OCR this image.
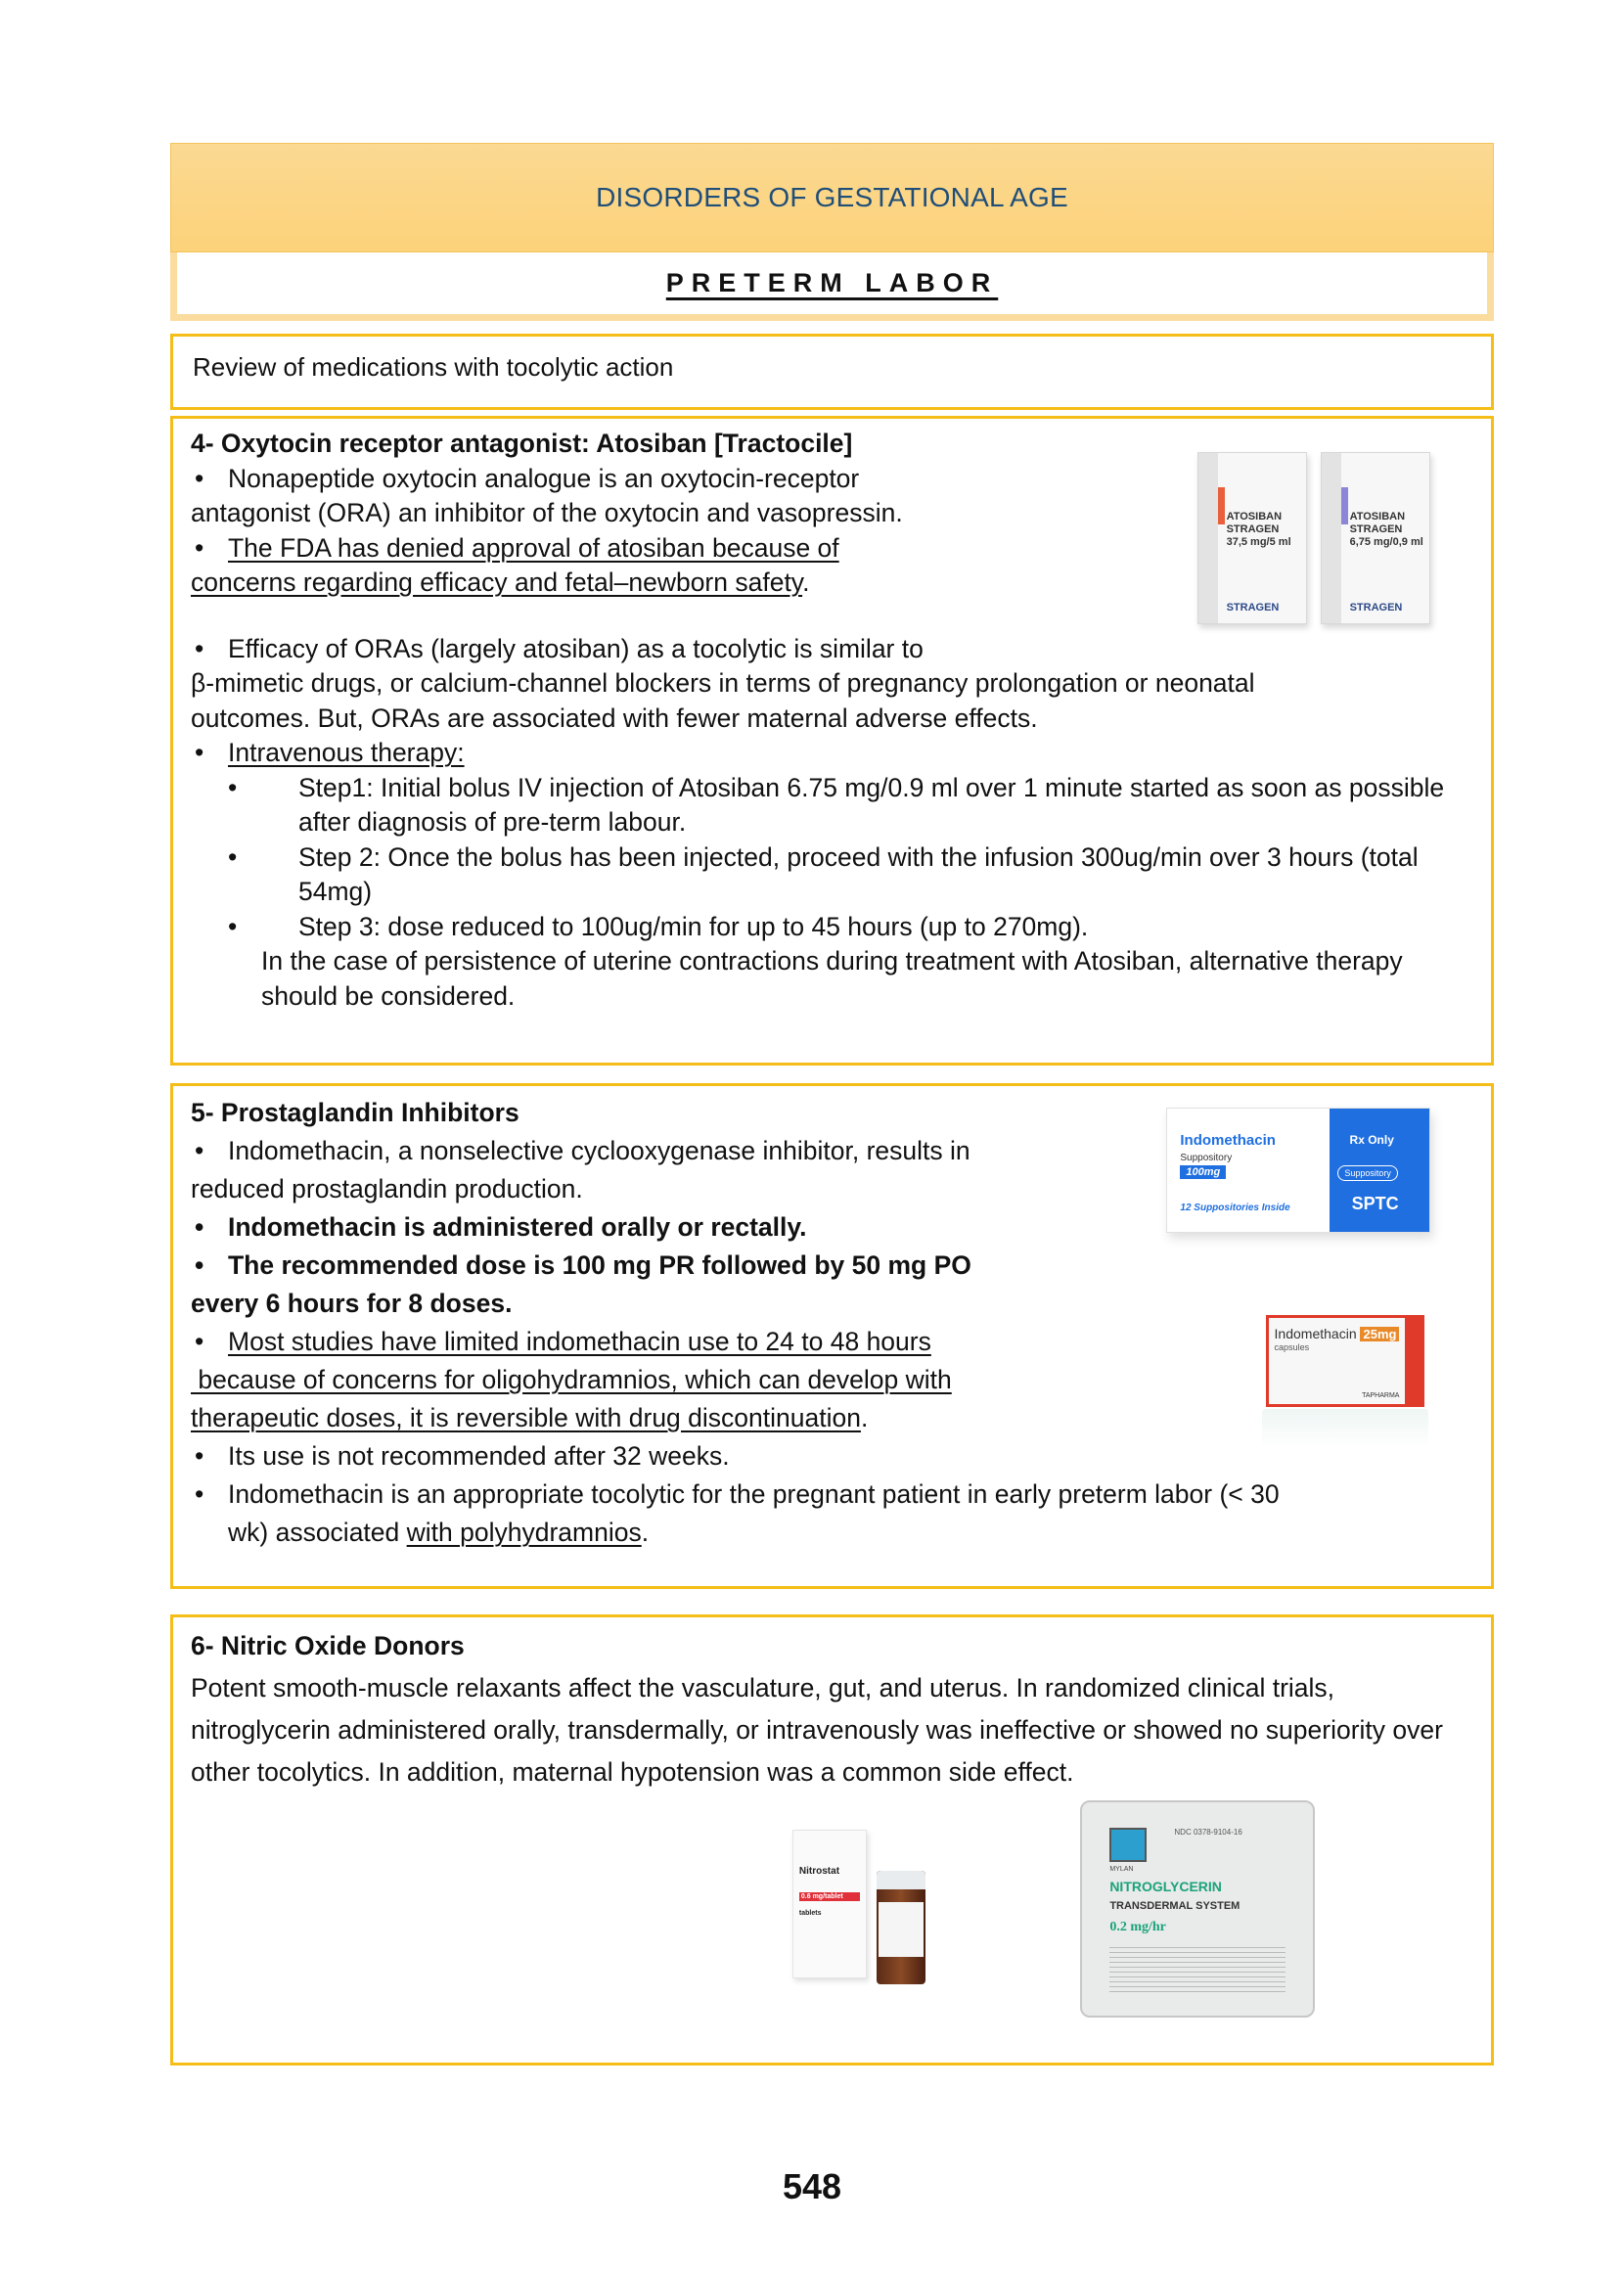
DISORDERS OF GESTATIONAL AGE
PRETERM LABOR
Review of medications with tocolytic action
4- Oxytocin receptor antagonist: Atosiban [Tractocile]
• Nonapeptide oxytocin analogue is an oxytocin-receptor
antagonist (ORA) an inhibitor of the oxytocin and vasopressin.
• The FDA has denied approval of atosiban because of
concerns regarding efficacy and fetal–newborn safety.
• Efficacy of ORAs (largely atosiban) as a tocolytic is similar to
β-mimetic drugs, or calcium-channel blockers in terms of pregnancy prolongation or neonatal
outcomes. But, ORAs are associated with fewer maternal adverse effects.
• Intravenous therapy:
• Step1: Initial bolus IV injection of Atosiban 6.75 mg/0.9 ml over 1 minute started as soon as possible after diagnosis of pre-term labour.
• Step 2: Once the bolus has been injected, proceed with the infusion 300ug/min over 3 hours (total 54mg)
• Step 3: dose reduced to 100ug/min for up to 45 hours (up to 270mg).
In the case of persistence of uterine contractions during treatment with Atosiban, alternative therapy should be considered.
ATOSIBAN STRAGEN
37,5 mg/5 ml
STRAGEN
ATOSIBAN STRAGEN
6,75 mg/0,9 ml
STRAGEN
5- Prostaglandin Inhibitors
• Indomethacin, a nonselective cyclooxygenase inhibitor, results in
reduced prostaglandin production.
• Indomethacin is administered orally or rectally.
• The recommended dose is 100 mg PR followed by 50 mg PO
every 6 hours for 8 doses.
• Most studies have limited indomethacin use to 24 to 48 hours
because of concerns for oligohydramnios, which can develop with
therapeutic doses, it is reversible with drug discontinuation.
• Its use is not recommended after 32 weeks.
• Indomethacin is an appropriate tocolytic for the pregnant patient in early preterm labor (< 30
wk) associated with polyhydramnios.
Indomethacin
Suppository
100mg
12 Suppositories Inside
Rx Only
Suppository
SPTC
Indomethacin
capsules
25mg
TAPHARMA
6- Nitric Oxide Donors
Potent smooth-muscle relaxants affect the vasculature, gut, and uterus. In randomized clinical trials, nitroglycerin administered orally, transdermally, or intravenously was ineffective or showed no superiority over other tocolytics. In addition, maternal hypotension was a common side effect.
Nitrostat
0.6 mg/tablet
tablets
NDC 0378-9104-16
MYLAN
NITROGLYCERIN
TRANSDERMAL SYSTEM
0.2 mg/hr
548
